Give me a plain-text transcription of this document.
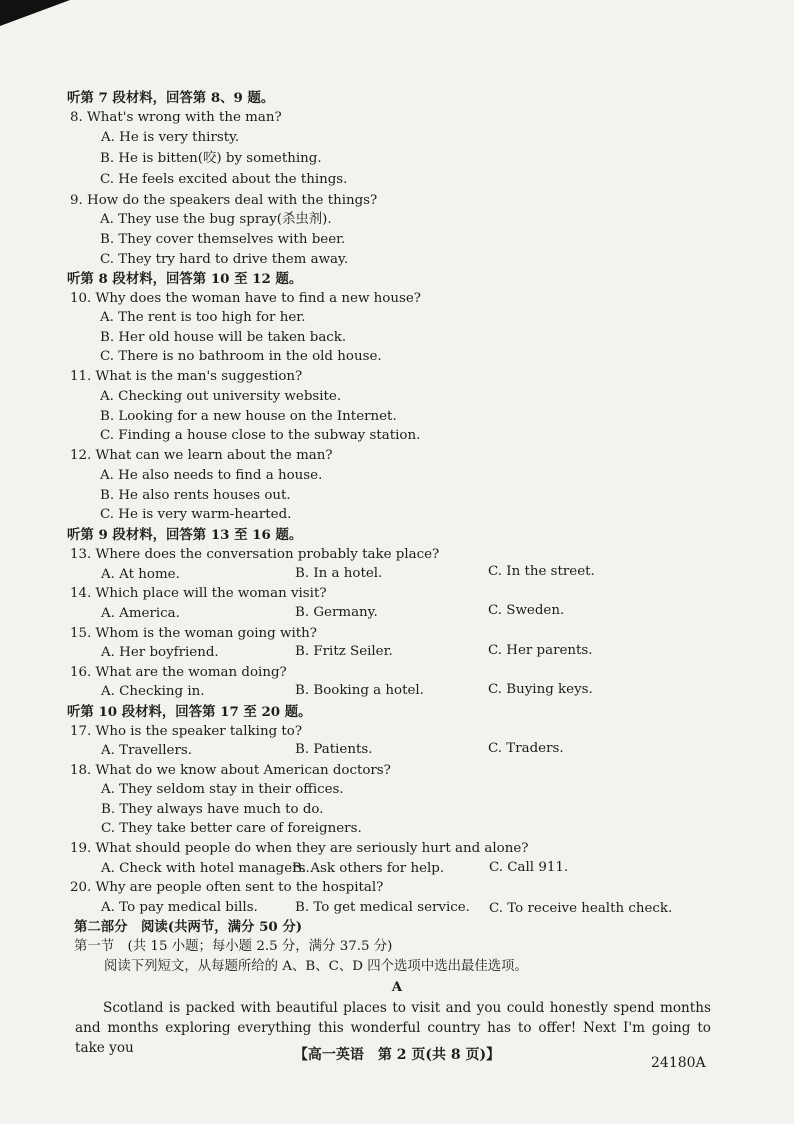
听第 7 段材料，回答第 8、9 题。
8. What's wrong with the man?
A. He is very thirsty.
B. He is bitten(咬) by something.
C. He feels excited about the things.
9. How do the speakers deal with the things?
A. They use the bug spray(杀虫剂).
B. They cover themselves with beer.
C. They try hard to drive them away.
听第 8 段材料，回答第 10 至 12 题。
10. Why does the woman have to find a new house?
A. The rent is too high for her.
B. Her old house will be taken back.
C. There is no bathroom in the old house.
11. What is the man's suggestion?
A. Checking out university website.
B. Looking for a new house on the Internet.
C. Finding a house close to the subway station.
12. What can we learn about the man?
A. He also needs to find a house.
B. He also rents houses out.
C. He is very warm-hearted.
听第 9 段材料，回答第 13 至 16 题。
13. Where does the conversation probably take place?
A. At home.	B. In a hotel.	C. In the street.
14. Which place will the woman visit?
A. America.	B. Germany.	C. Sweden.
15. Whom is the woman going with?
A. Her boyfriend.	B. Fritz Seiler.	C. Her parents.
16. What are the woman doing?
A. Checking in.	B. Booking a hotel.	C. Buying keys.
听第 10 段材料，回答第 17 至 20 题。
17. Who is the speaker talking to?
A. Travellers.	B. Patients.	C. Traders.
18. What do we know about American doctors?
A. They seldom stay in their offices.
B. They always have much to do.
C. They take better care of foreigners.
19. What should people do when they are seriously hurt and alone?
A. Check with hotel managers.
B. Ask others for help.	C. Call 911.
20. Why are people often sent to the hospital?
A. To pay medical bills.	B. To get medical service. C. To receive health check.
第二部分　阅读(共两节，满分 50 分)
第一节　(共 15 小题；每小题 2.5 分，满分 37.5 分)
阅读下列短文，从每题所给的 A、B、C、D 四个选项中选出最佳选项。
A
Scotland is packed with beautiful places to visit and you could honestly spend months and months exploring everything this wonderful country has to offer! Next I'm going to take you	【高一英语　第 2 页(共 8 页)】	24180A
